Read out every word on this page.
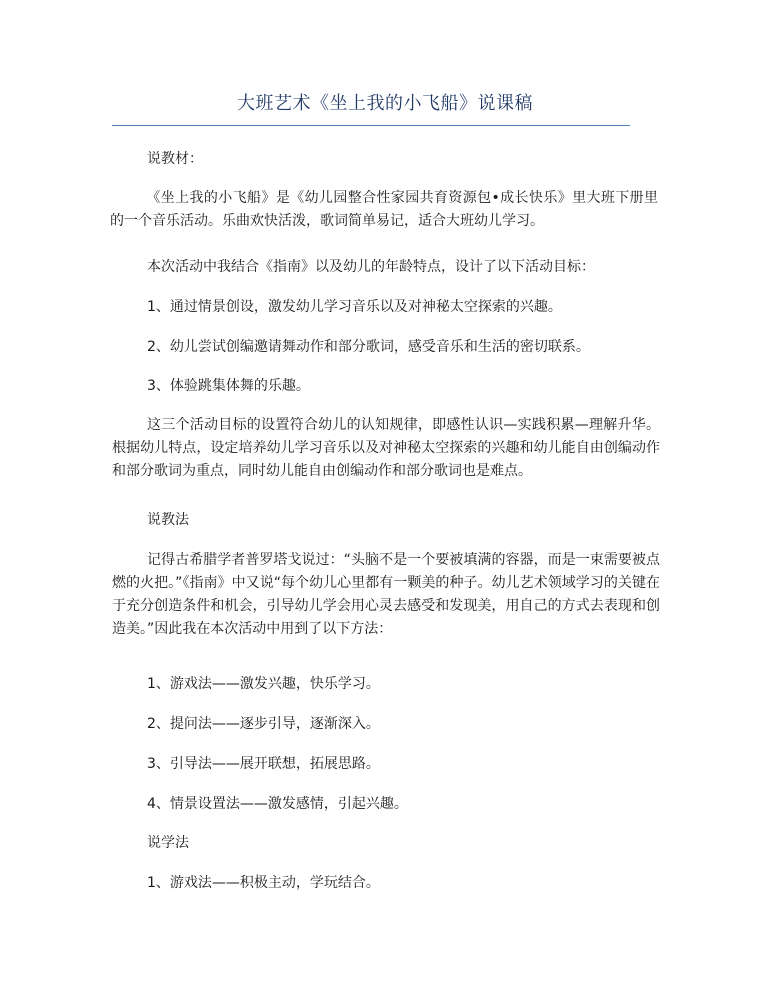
大班艺术《坐上我的小飞船》说课稿

说教材：

《坐上我的小飞船》是《幼儿园整合性家园共育资源包•成长快乐》里大班下册里的一个音乐活动。乐曲欢快活泼，歌词简单易记，适合大班幼儿学习。

本次活动中我结合《指南》以及幼儿的年龄特点，设计了以下活动目标：

1、通过情景创设，激发幼儿学习音乐以及对神秘太空探索的兴趣。

2、幼儿尝试创编邀请舞动作和部分歌词，感受音乐和生活的密切联系。

3、体验跳集体舞的乐趣。

这三个活动目标的设置符合幼儿的认知规律，即感性认识—实践积累—理解升华。根据幼儿特点，设定培养幼儿学习音乐以及对神秘太空探索的兴趣和幼儿能自由创编动作和部分歌词为重点，同时幼儿能自由创编动作和部分歌词也是难点。

说教法

记得古希腊学者普罗塔戈说过：“头脑不是一个要被填满的容器，而是一束需要被点燃的火把。”《指南》中又说“每个幼儿心里都有一颗美的种子。幼儿艺术领域学习的关键在于充分创造条件和机会，引导幼儿学会用心灵去感受和发现美，用自己的方式去表现和创造美。”因此我在本次活动中用到了以下方法：

1、游戏法——激发兴趣，快乐学习。

2、提问法——逐步引导，逐渐深入。

3、引导法——展开联想，拓展思路。

4、情景设置法——激发感情，引起兴趣。

说学法

1、游戏法——积极主动，学玩结合。
